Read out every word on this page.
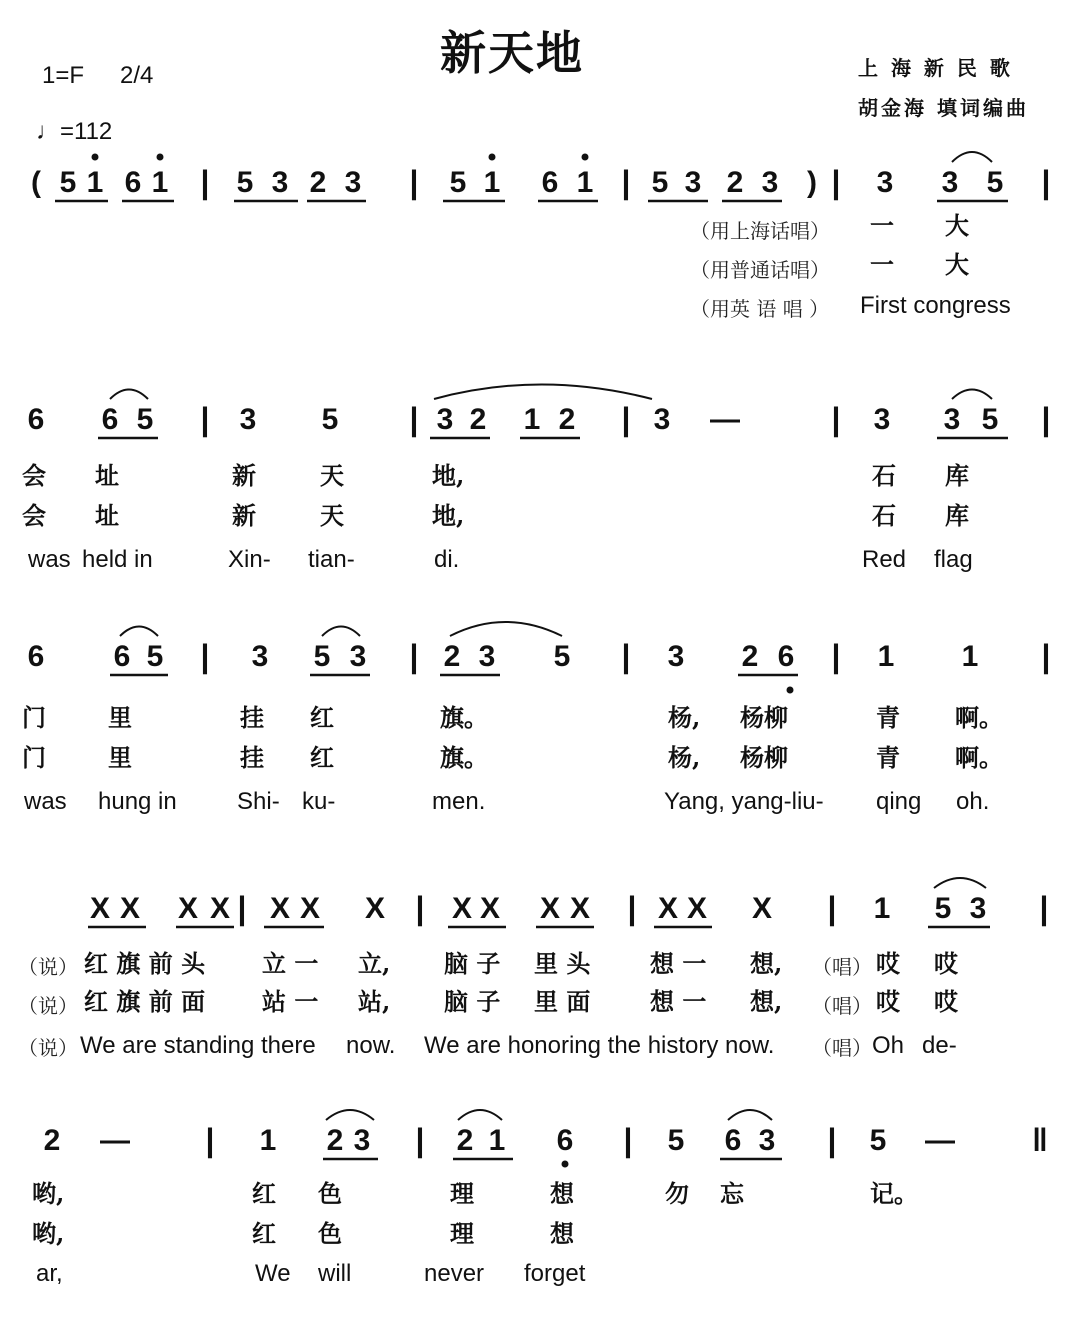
新天地
1=F 2/4
♩=112
上 海 新 民 歌
胡金海 填词编曲
（用上海话唱）
（用普通话唱）
（用英 语 唱 ）
（说）
（说）
（说）
（唱）
（唱）
（唱）
( 5 1 6 1 | 5 3 2 3 | 5 1 6 1 | 5 3 2 3 ) | 3 3 5 |
一 大
一 大
First congress
6 6 5 | 3 5 | 3 2 1 2 | 3 —	| 3 3 5 |
会 址	新	天	地,	石 库
会 址	新	天	地,	石 库
was held in	Xin- tian-	di.	Red flag
6 6 5 | 3 5 3 | 2 3 5 | 3 2 6 | 1 1 |
门	里	挂 红	旗。	杨, 杨柳	青 啊。
门	里	挂 红	旗。	杨, 杨柳	青 啊。
was hung in	Shi- ku-	men.	Yang, yang-liu- qing oh.
X X X X | X X X | X X X X | X X X | 1 5 3 |
红 旗 前 头 立 一 立, 脑 子 里 头 想 一 想,	哎 哎
红 旗 前 面 站 一 站, 脑 子 里 面 想 一 想,	哎 哎
We are standing there now. We are honoring the history now.	Oh de-
2 — | 1 2 3 | 2 1 6 | 5 6 3 | 5 — ‖
哟,	红 色	理	想	勿 忘	记。
哟,	红 色	理	想
ar,	We will	never forget
